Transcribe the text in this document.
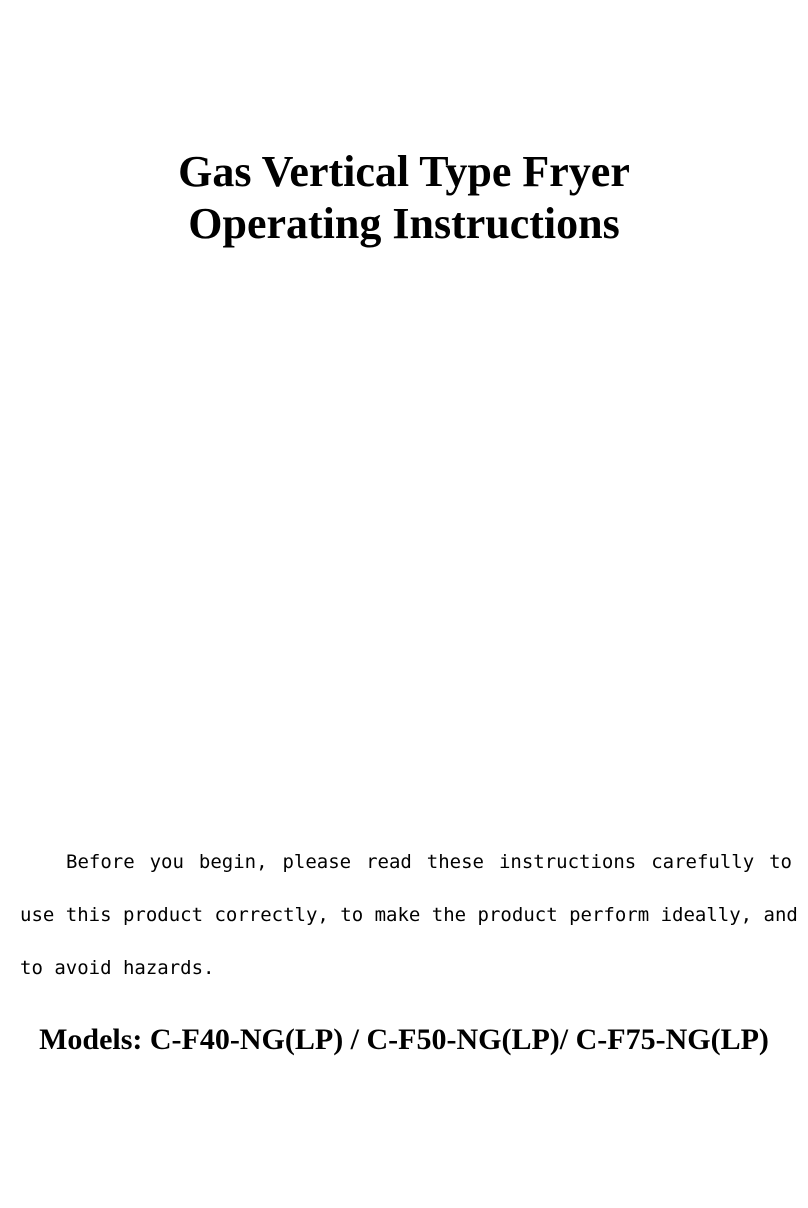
Gas Vertical Type Fryer
Operating Instructions
Before you begin, please read these instructions carefully to
use this product correctly, to make the product perform ideally, and
to avoid hazards.
Models: C-F40-NG(LP) / C-F50-NG(LP)/ C-F75-NG(LP)
